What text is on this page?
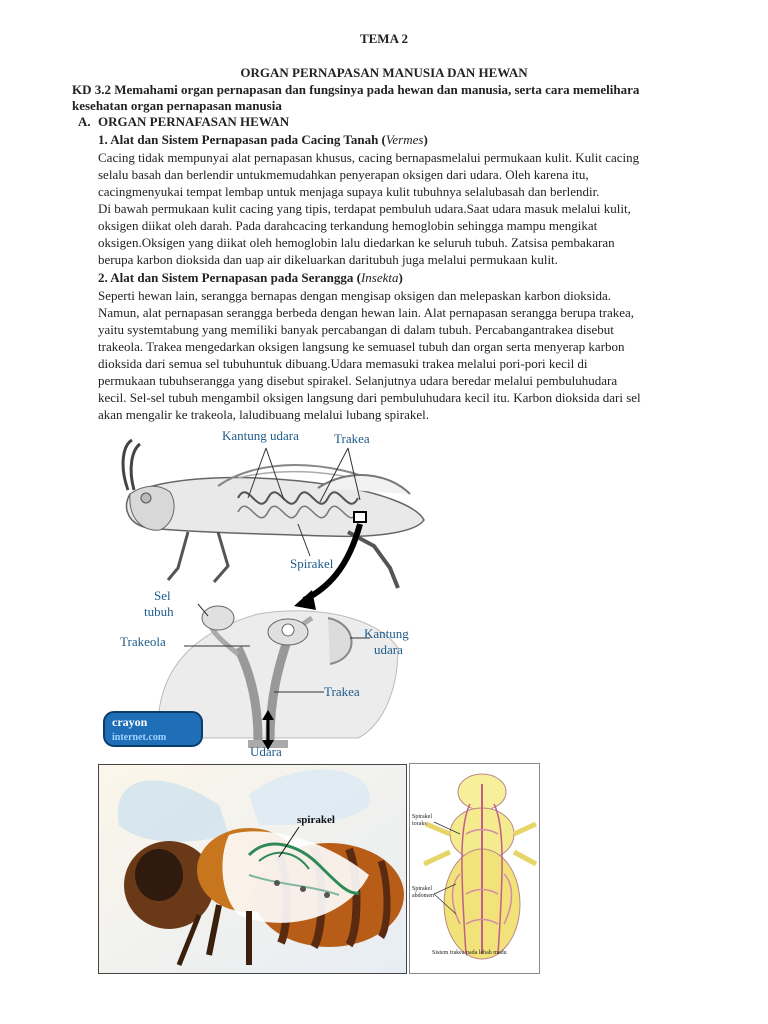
TEMA 2
ORGAN PERNAPASAN MANUSIA DAN HEWAN
KD 3.2 Memahami organ pernapasan dan fungsinya pada hewan dan manusia, serta cara memelihara
kesehatan organ pernapasan manusia
A. ORGAN PERNAFASAN HEWAN
1. Alat dan Sistem Pernapasan pada Cacing Tanah (Vermes)
Cacing tidak mempunyai alat pernapasan khusus, cacing bernapasmelalui permukaan kulit. Kulit cacing
selalu basah dan berlendir untukmemudahkan penyerapan oksigen dari udara. Oleh karena itu,
cacingmenyukai tempat lembap untuk menjaga supaya kulit tubuhnya selalubasah dan berlendir.
Di bawah permukaan kulit cacing yang tipis, terdapat pembuluh udara.Saat udara masuk melalui kulit,
oksigen diikat oleh darah. Pada darahcacing terkandung hemoglobin sehingga mampu mengikat
oksigen.Oksigen yang diikat oleh hemoglobin lalu diedarkan ke seluruh tubuh. Zatsisa pembakaran
berupa karbon dioksida dan uap air dikeluarkan daritubuh juga melalui permukaan kulit.
2. Alat dan Sistem Pernapasan pada Serangga (Insekta)
Seperti hewan lain, serangga bernapas dengan mengisap oksigen dan melepaskan karbon dioksida.
Namun, alat pernapasan serangga berbeda dengan hewan lain. Alat pernapasan serangga berupa trakea,
yaitu systemtabung yang memiliki banyak percabangan di dalam tubuh. Percabangantrakea disebut
trakeola. Trakea mengedarkan oksigen langsung ke semuasel tubuh dan organ serta menyerap karbon
dioksida dari semua sel tubuhuntuk dibuang.Udara memasuki trakea melalui pori-pori kecil di
permukaan tubuhserangga yang disebut spirakel. Selanjutnya udara beredar melalui pembuluhudara
kecil. Sel-sel tubuh mengambil oksigen langsung dari pembuluhudara kecil itu. Karbon dioksida dari sel
akan mengalir ke trakeola, laludibuang melalui lubang spirakel.
Kantung udara	Trakea
Spirakel
Sel
tubuh
Trakeola
Kantung
udara
Trakea
Udara
crayon
internet.com
spirakel	Spirakel
toraks
Spirakel
abdomen
Sistem trakea pada lebah madu
